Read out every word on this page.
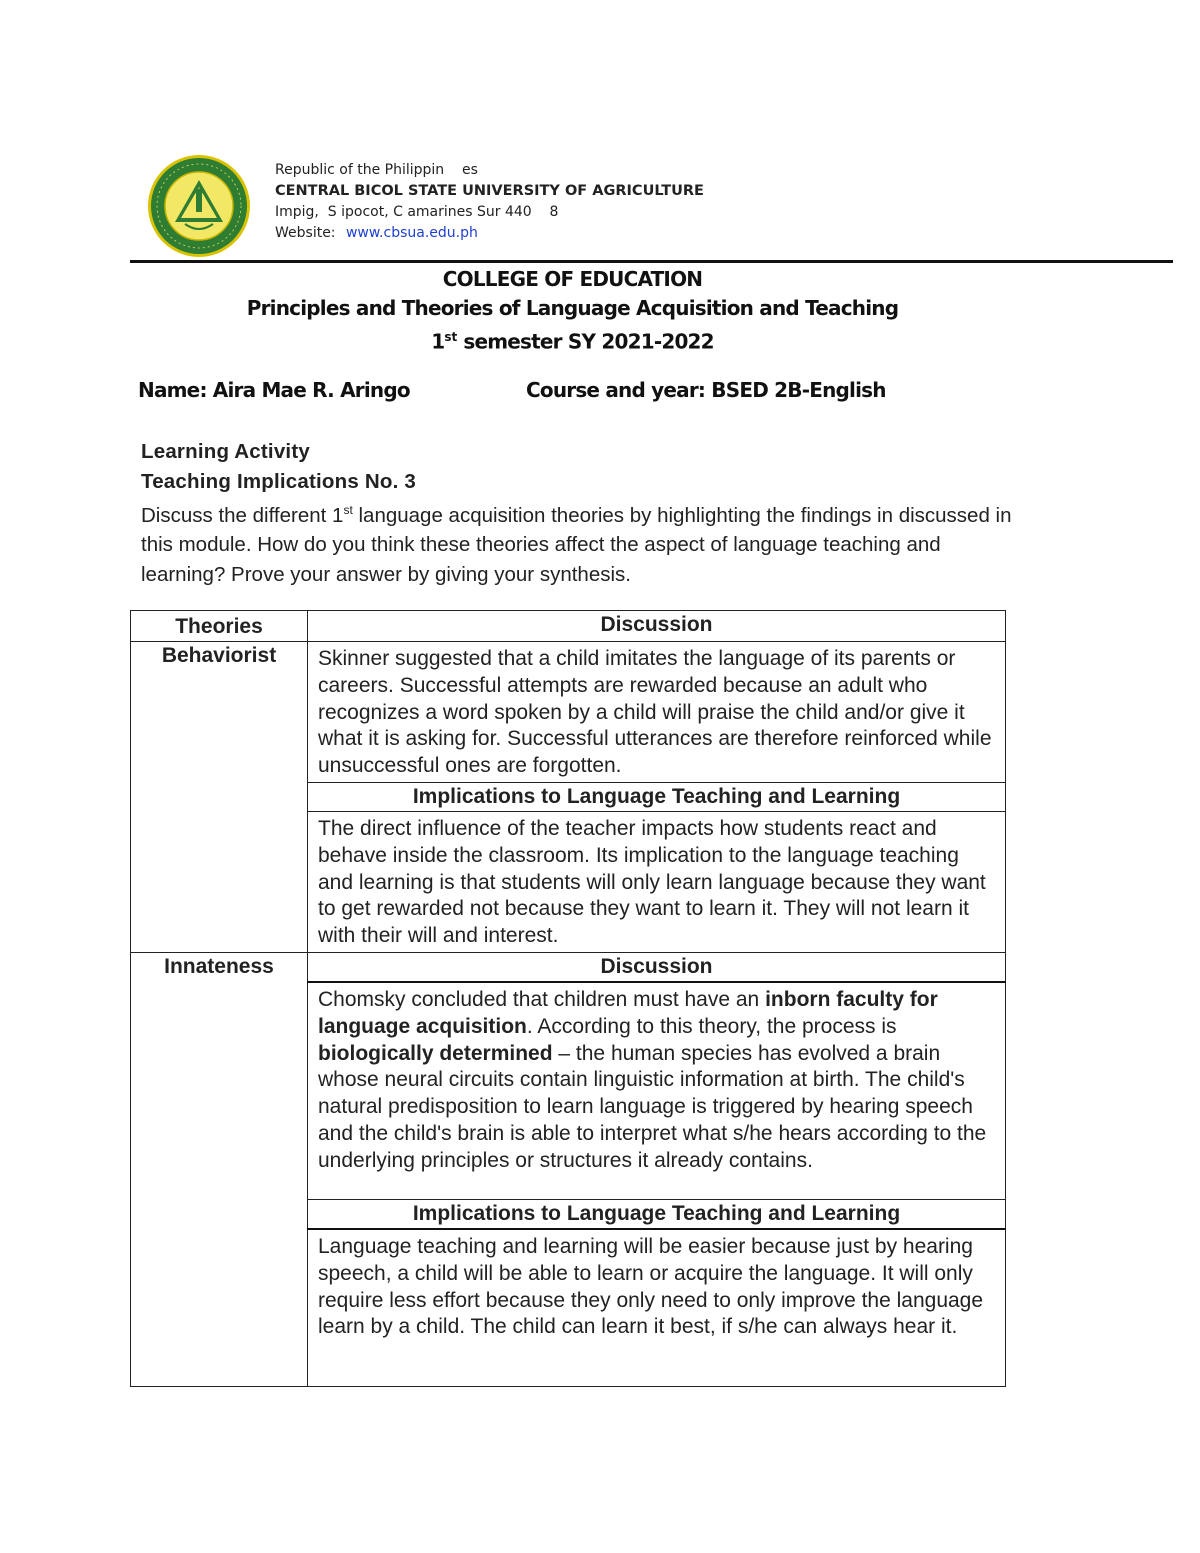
Republic of the Philippin    es
CENTRAL BICOL STATE UNIVERSITY OF AGRICULTURE
Impig,  S ipocot, C amarines Sur 440    8
Website: www.cbsua.edu.ph
COLLEGE OF EDUCATION
Principles and Theories of Language Acquisition and Teaching
1st semester SY 2021-2022
Name: Aira Mae R. Aringo	Course and year: BSED 2B-English
Learning Activity
Teaching Implications No. 3
Discuss the different 1st language acquisition theories by highlighting the findings in discussed in this module. How do you think these theories affect the aspect of language teaching and learning? Prove your answer by giving your synthesis.
Theories	Discussion
Behaviorist	Skinner suggested that a child imitates the language of its parents or careers. Successful attempts are rewarded because an adult who recognizes a word spoken by a child will praise the child and/or give it what it is asking for. Successful utterances are therefore reinforced while unsuccessful ones are forgotten.
	Implications to Language Teaching and Learning
	The direct influence of the teacher impacts how students react and behave inside the classroom. Its implication to the language teaching and learning is that students will only learn language because they want to get rewarded not because they want to learn it. They will not learn it with their will and interest.
Innateness	Discussion
	Chomsky concluded that children must have an inborn faculty for language acquisition. According to this theory, the process is biologically determined – the human species has evolved a brain whose neural circuits contain linguistic information at birth. The child's natural predisposition to learn language is triggered by hearing speech and the child's brain is able to interpret what s/he hears according to the underlying principles or structures it already contains.
	Implications to Language Teaching and Learning
	Language teaching and learning will be easier because just by hearing speech, a child will be able to learn or acquire the language. It will only require less effort because they only need to only improve the language learn by a child. The child can learn it best, if s/he can always hear it.
